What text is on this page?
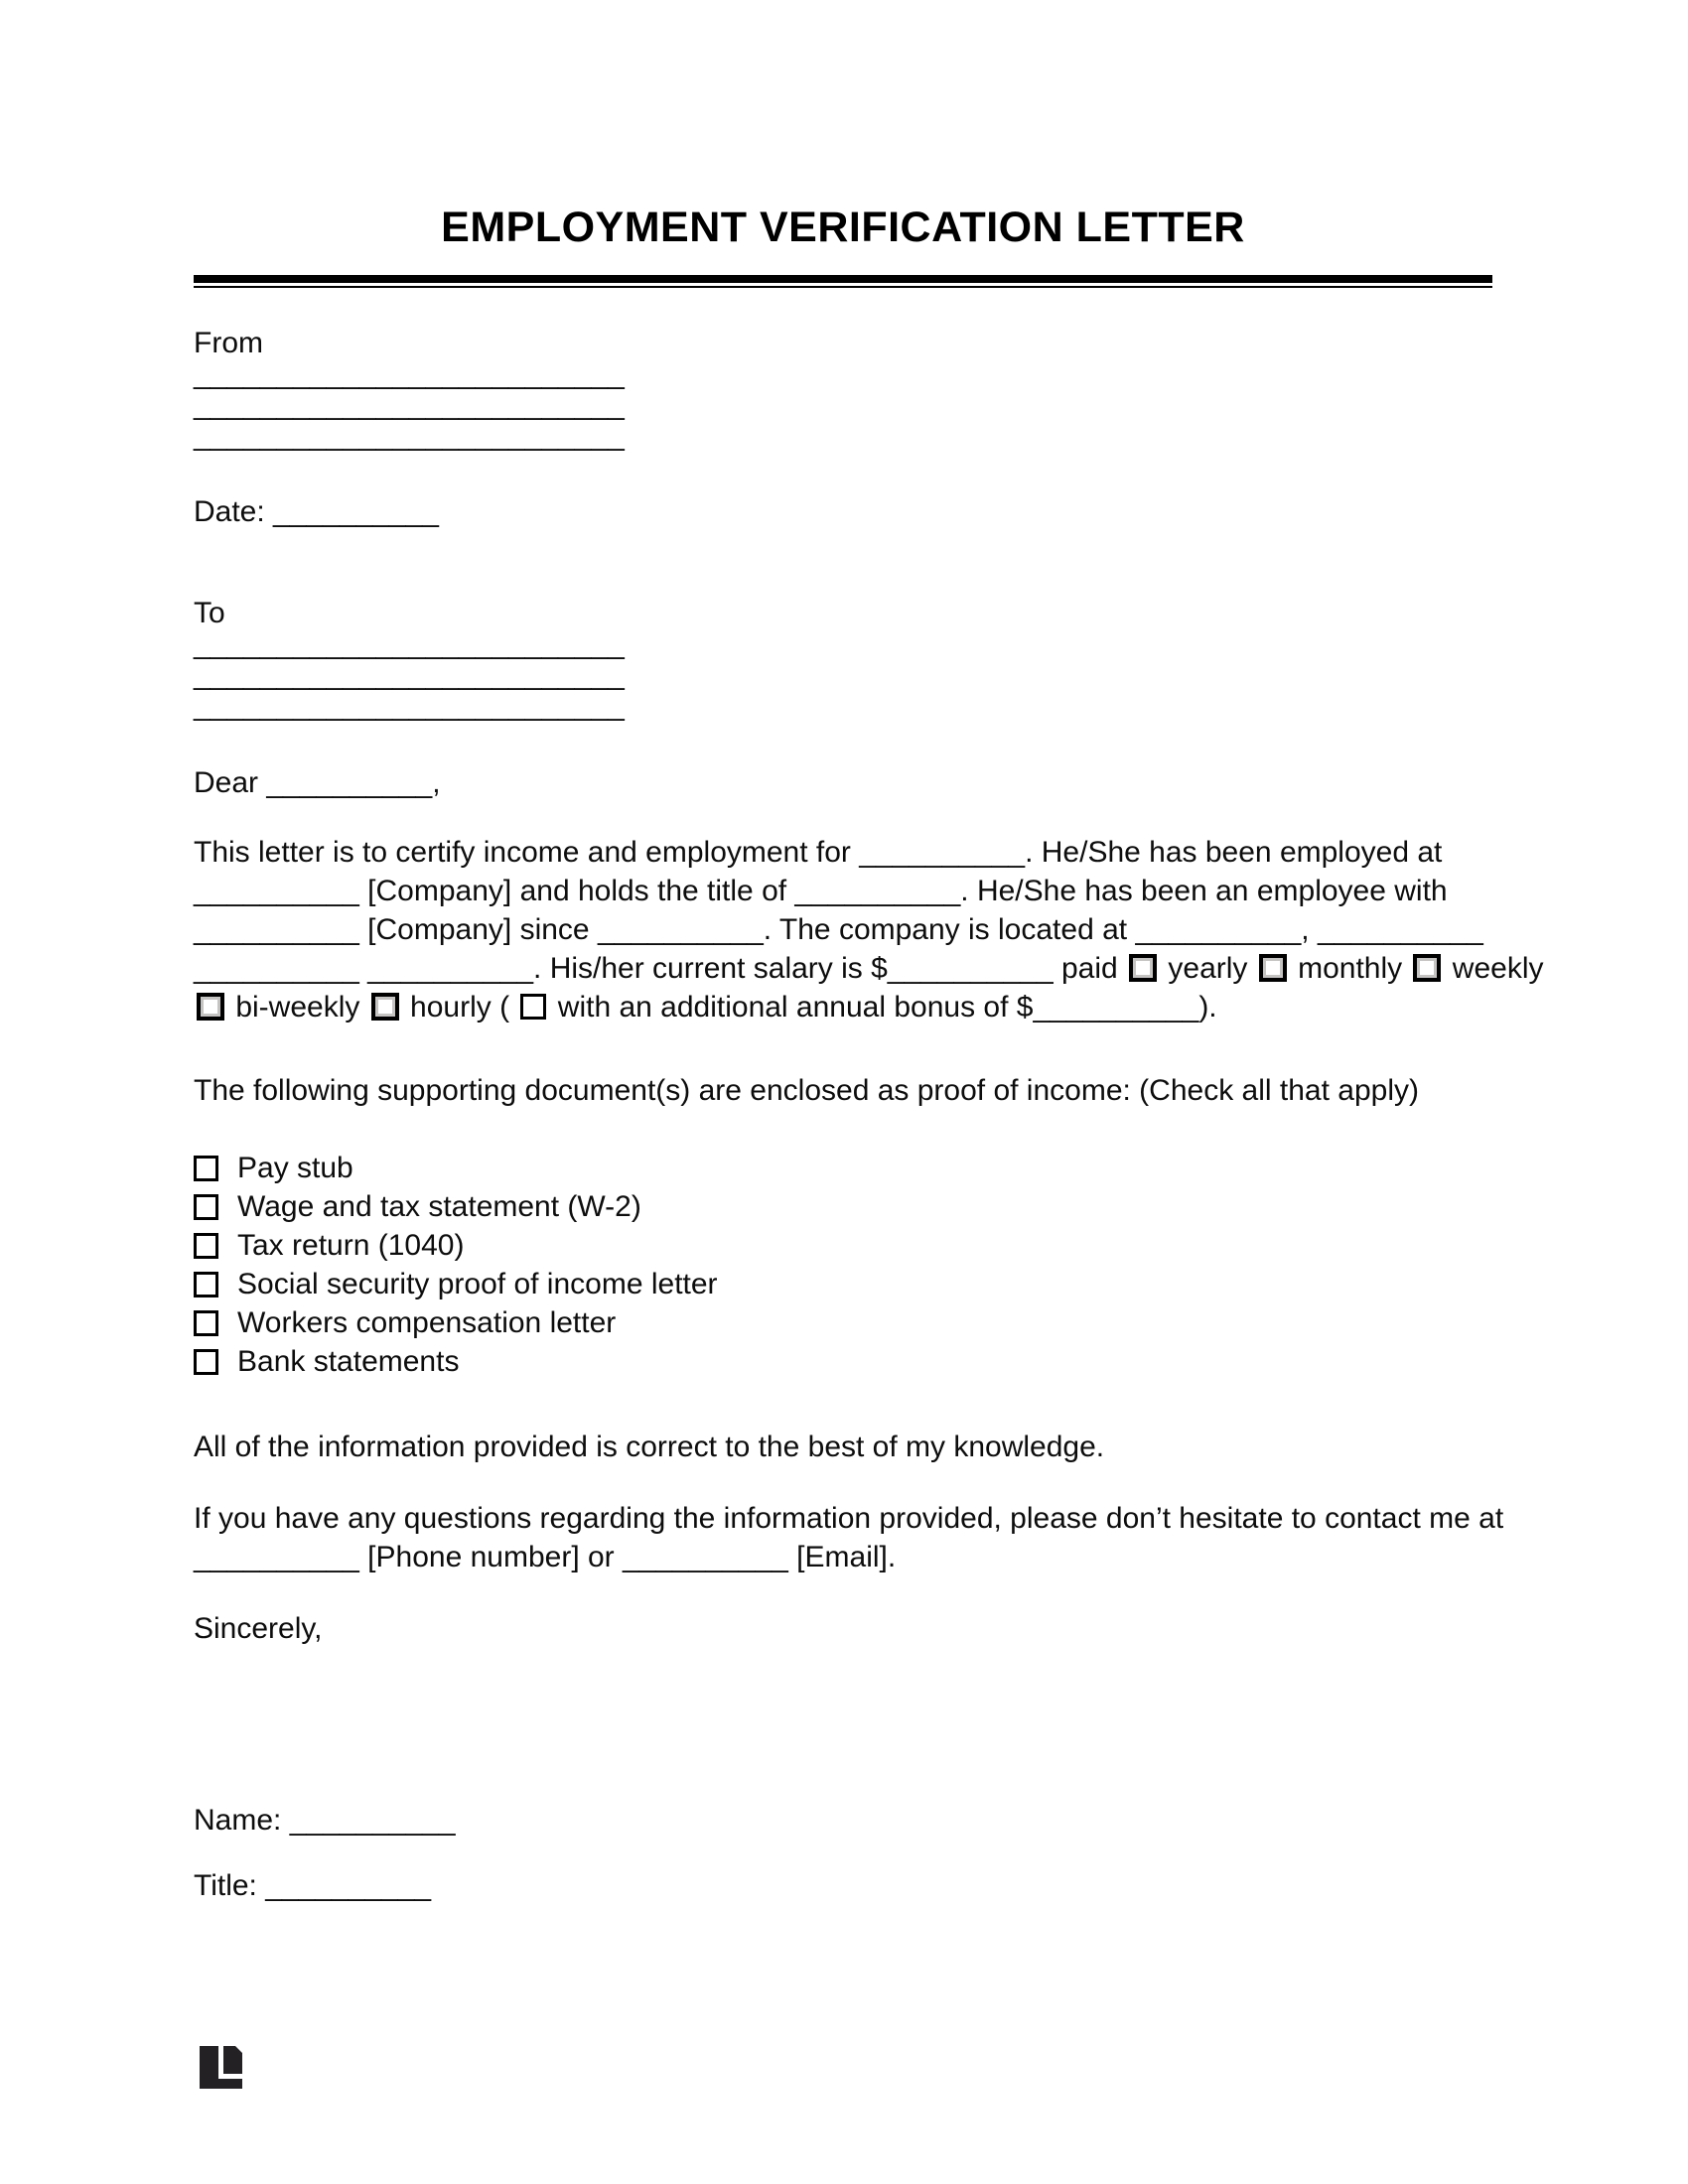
EMPLOYMENT VERIFICATION LETTER
From
__________________________
__________________________
__________________________
Date: __________
To
__________________________
__________________________
__________________________
Dear __________,
This letter is to certify income and employment for __________. He/She has been employed at
__________ [Company] and holds the title of __________. He/She has been an employee with
__________ [Company] since __________. The company is located at __________, __________
__________ __________. His/her current salary is $__________ paid  yearly  monthly  weekly
bi-weekly  hourly (  with an additional annual bonus of $__________).
The following supporting document(s) are enclosed as proof of income: (Check all that apply)
Pay stub
Wage and tax statement (W-2)
Tax return (1040)
Social security proof of income letter
Workers compensation letter
Bank statements
All of the information provided is correct to the best of my knowledge.
If you have any questions regarding the information provided, please don’t hesitate to contact me at
__________ [Phone number] or __________ [Email].
Sincerely,
Name: __________
Title: __________
